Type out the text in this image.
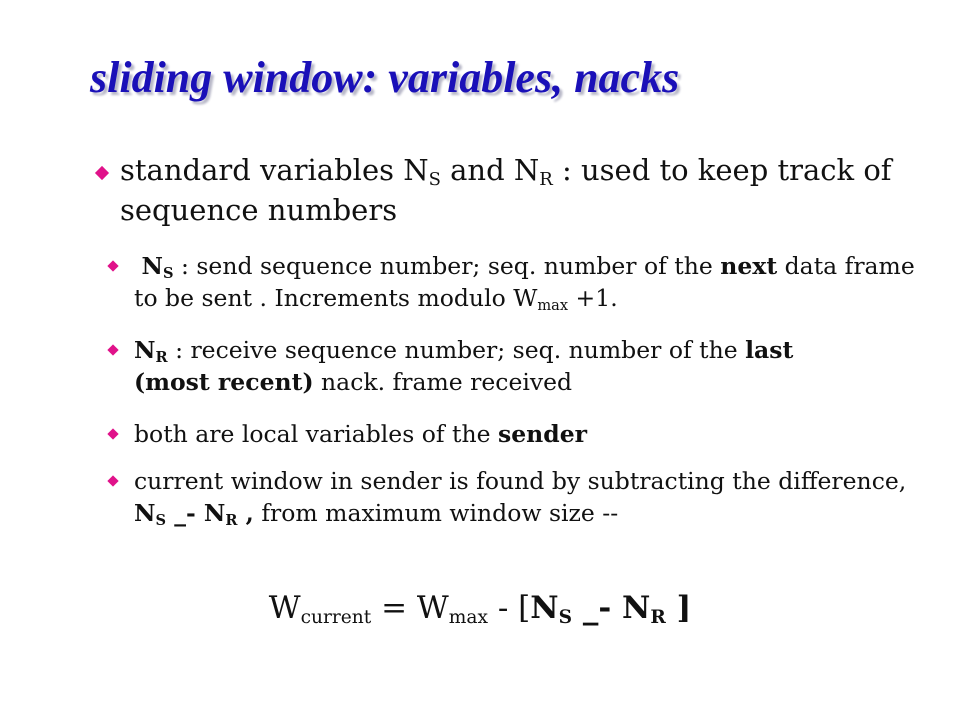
sliding window: variables, nacks
standard variables $N_S$ and $N_R$ : used to keep track of sequence numbers
$N_S$ : send sequence number; seq. number of the next data frame to be sent . Increments modulo $W_{max} +1$.
$N_R$ : receive sequence number; seq. number of the last
(most recent) nack. frame received
both are local variables of the sender
current window in sender is found by subtracting the difference, $N_S$ _- $N_R$ , from maximum window size --
$W_{current} = W_{max} - [N_S$ _- $N_R$ ]
